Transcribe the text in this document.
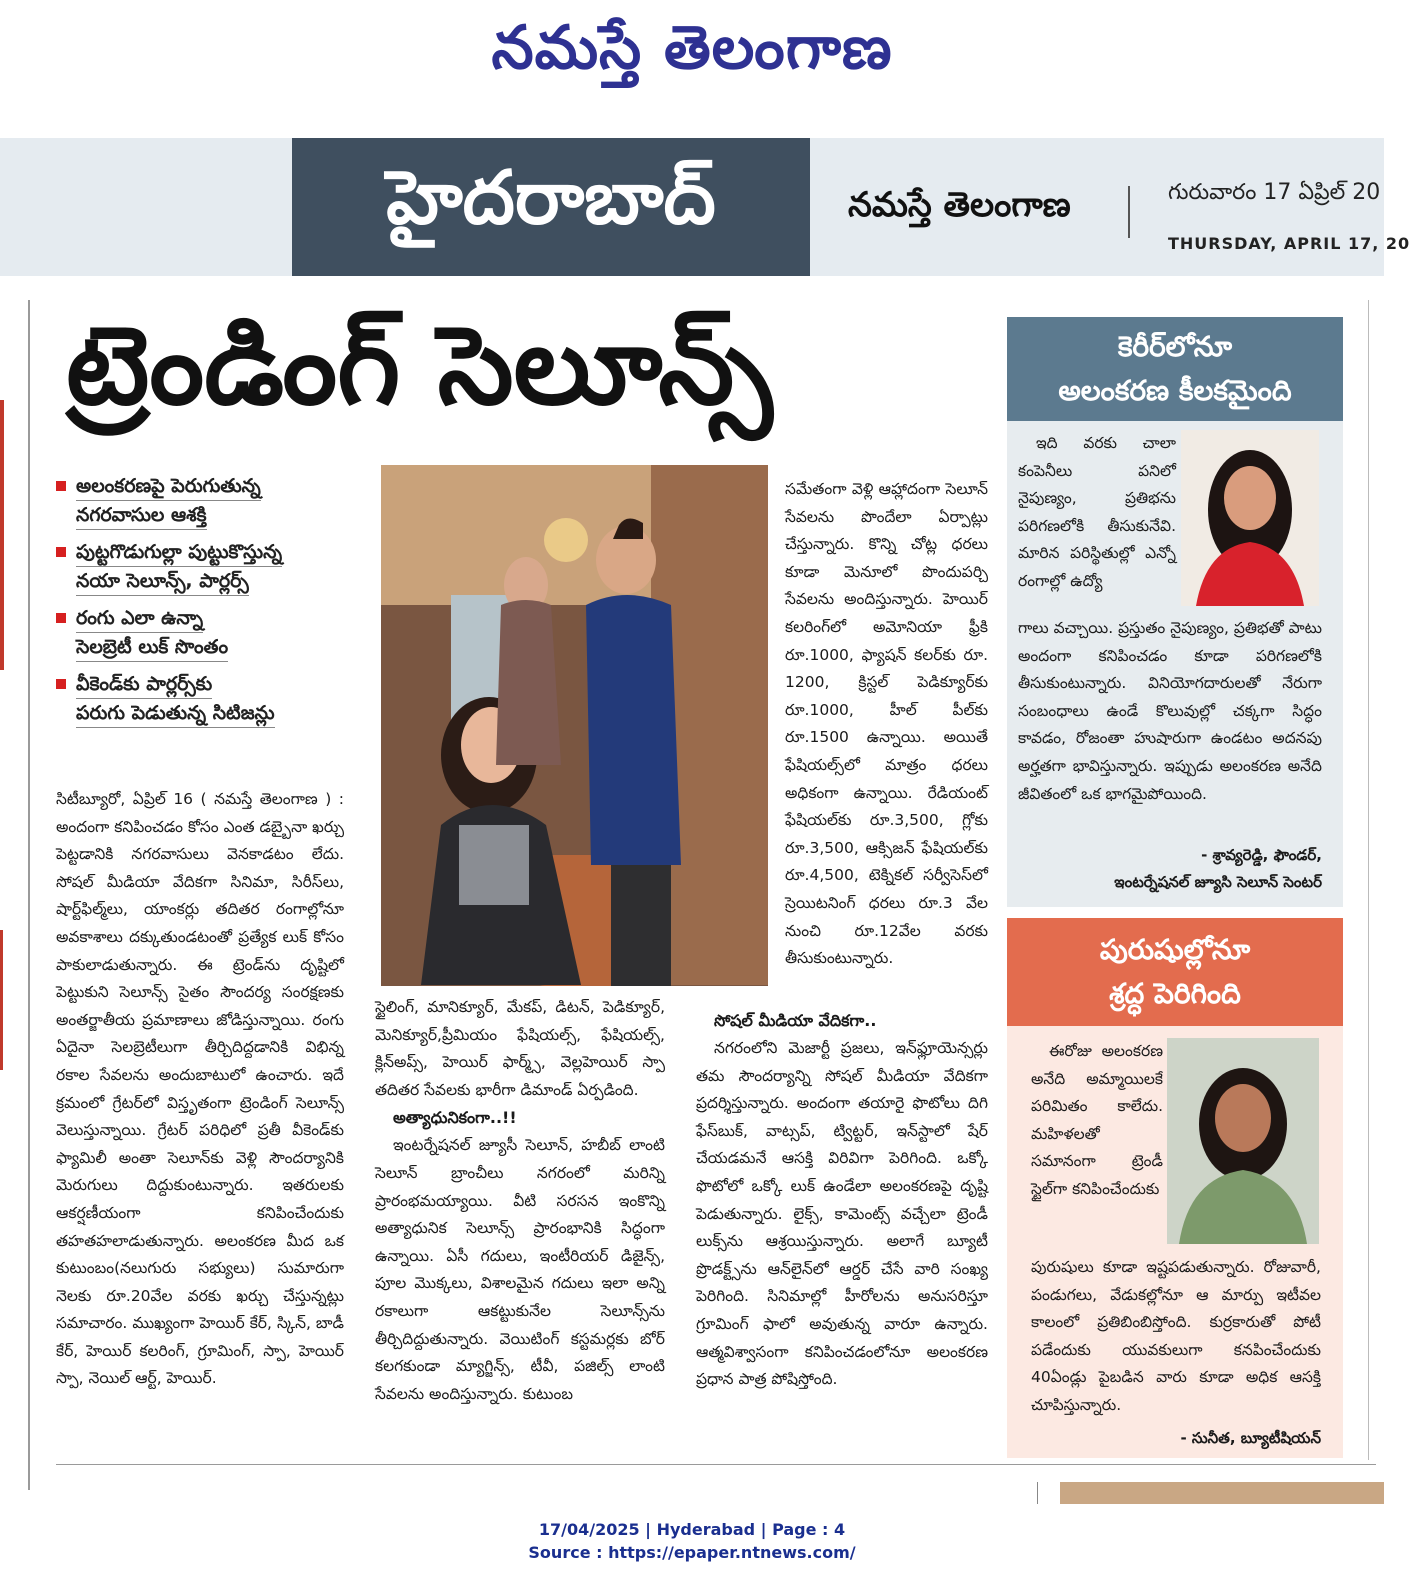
నమస్తే తెలంగాణ
హైదరాబాద్	నమస్తే తెలంగాణ	గురువారం 17 ఏప్రిల్ 20
THURSDAY, APRIL 17, 20
ట్రెండింగ్ సెలూన్స్
అలంకరణపై పెరుగుతున్న
నగరవాసుల ఆశక్తి
పుట్టగొడుగుల్లా పుట్టుకొస్తున్న
నయా సెలూన్స్, పార్లర్స్
రంగు ఎలా ఉన్నా
సెలబ్రెటీ లుక్ సొంతం
వీకెండ్‌కు పార్లర్స్‌కు
పరుగు పెడుతున్న సిటిజన్లు

సిటీబ్యూరో, ఏప్రిల్ 16 ( నమస్తే తెలంగాణ ) : అందంగా కనిపించడం కోసం ఎంత డబ్బైనా ఖర్చు పెట్టడానికి నగరవాసులు వెనకాడటం లేదు. సోషల్ మీడియా వేదికగా సినిమా, సిరీస్‌లు, షార్ట్‌ఫిల్మ్‌లు, యాంకర్లు తదితర రంగాల్లోనూ అవకాశాలు దక్కుతుండటంతో ప్రత్యేక లుక్ కోసం పాకులాడుతున్నారు. ఈ ట్రెండ్‌ను దృష్టిలో పెట్టుకుని సెలూన్స్ సైతం సౌందర్య సంరక్షణకు అంతర్జాతీయ ప్రమాణాలు జోడిస్తున్నాయి. రంగు ఏదైనా సెలబ్రెటీలుగా తీర్చిదిద్దడానికి విభిన్న రకాల సేవలను అందుబాటులో ఉంచారు. ఇదే క్రమంలో గ్రేటర్‌లో విస్తృతంగా ట్రెండింగ్ సెలూన్స్ వెలుస్తున్నాయి. గ్రేటర్ పరిధిలో ప్రతీ వీకెండ్‌కు ఫ్యామిలీ అంతా సెలూన్‌కు వెళ్లి సౌందర్యానికి మెరుగులు దిద్దుకుంటున్నారు. ఇతరులకు ఆకర్షణీయంగా కనిపించేందుకు తహతహలాడుతున్నారు. అలంకరణ మీద ఒక కుటుంబం(నలుగురు సభ్యులు) సుమారుగా నెలకు రూ.20వేల వరకు ఖర్చు చేస్తున్నట్లు సమాచారం. ముఖ్యంగా హెయిర్ కేర్, స్కిన్, బాడీ కేర్, హెయిర్ కలరింగ్, గ్రూమింగ్, స్పా, హెయిర్ స్పా, నెయిల్ ఆర్ట్, హెయిర్.

స్టైలింగ్, మానిక్యూర్, మేకప్, డిటన్, పెడిక్యూర్, మెనిక్యూర్,ప్రీమియం ఫేషియల్స్, ఫేషియల్స్, క్లిన్అప్స్, హెయిర్ ఫార్మ్స్, వెల్లహెయిర్ స్పా తదితర సేవలకు భారీగా డిమాండ్ ఏర్పడింది.

అత్యాధునికంగా..!!

ఇంటర్నేషనల్ జ్యూసీ సెలూన్, హబీబ్ లాంటి సెలూన్ బ్రాంచీలు నగరంలో మరిన్ని ప్రారంభమయ్యాయి. వీటి సరసన ఇంకొన్ని అత్యాధునిక సెలూన్స్ ప్రారంభానికి సిద్ధంగా ఉన్నాయి. ఏసీ గదులు, ఇంటీరియర్ డిజైన్స్, పూల మొక్కలు, విశాలమైన గదులు ఇలా అన్ని రకాలుగా ఆకట్టుకునేల సెలూన్స్‌ను తీర్చిదిద్దుతున్నారు. వెయిటింగ్ కస్టమర్లకు బోర్ కలగకుండా మ్యాగ్జిన్స్, టీవీ, పజిల్స్ లాంటి సేవలను అందిస్తున్నారు. కుటుంబ

సమేతంగా వెళ్లి ఆహ్లాదంగా సెలూన్ సేవలను పొందేలా ఏర్పాట్లు చేస్తున్నారు. కొన్ని చోట్ల ధరలు కూడా మెనూలో పొందుపర్చి సేవలను అందిస్తున్నారు. హెయిర్ కలరింగ్‌లో అమోనియా ఫ్రీకి రూ.1000, ఫ్యాషన్ కలర్‌కు రూ. 1200, క్రిస్టల్ పెడిక్యూర్‌కు రూ.1000, హీల్ పీల్‌కు రూ.1500 ఉన్నాయి. అయితే ఫేషియల్స్‌లో మాత్రం ధరలు అధికంగా ఉన్నాయి. రేడియంట్ ఫేషియల్‌కు రూ.3,500, గ్లోకు రూ.3,500, ఆక్సిజన్ ఫేషియల్‌కు రూ.4,500, టెక్నికల్ సర్వీసెస్‌లో స్రెయిటనింగ్ ధరలు రూ.3 వేల నుంచి రూ.12వేల వరకు తీసుకుంటున్నారు.

సోషల్ మీడియా వేదికగా..

నగరంలోని మెజార్టీ ప్రజలు, ఇన్‌ఫ్లూయెన్సర్లు తమ సౌందర్యాన్ని సోషల్ మీడియా వేదికగా ప్రదర్శిస్తున్నారు. అందంగా తయారై ఫొటోలు దిగి ఫేస్‌బుక్, వాట్సప్, ట్విట్టర్, ఇన్‌స్టాలో షేర్ చేయడమనే ఆసక్తి విరివిగా పెరిగింది. ఒక్కో ఫొటోలో ఒక్కో లుక్ ఉండేలా అలంకరణపై దృష్టి పెడుతున్నారు. లైక్స్, కామెంట్స్ వచ్చేలా ట్రెండీ లుక్స్‌ను ఆశ్రయిస్తున్నారు. అలాగే బ్యూటీ ప్రొడక్ట్స్‌ను ఆన్‌లైన్‌లో ఆర్డర్ చేసే వారి సంఖ్య పెరిగింది. సినిమాల్లో హీరోలను అనుసరిస్తూ గ్రూమింగ్ ఫాలో అవుతున్న వారూ ఉన్నారు. ఆత్మవిశ్వాసంగా కనిపించడంలోనూ అలంకరణ ప్రధాన పాత్ర పోషిస్తోంది.

కెరీర్‌లోనూ
అలంకరణ కీలకమైంది

ఇది వరకు చాలా కంపెనీలు పనిలో నైపుణ్యం, ప్రతిభను పరిగణలోకి తీసుకునేవి. మారిన పరిస్థితుల్లో ఎన్నో రంగాల్లో ఉద్యో

గాలు వచ్చాయి. ప్రస్తుతం నైపుణ్యం, ప్రతిభతో పాటు అందంగా కనిపించడం కూడా పరిగణలోకి తీసుకుంటున్నారు. వినియోగదారులతో నేరుగా సంబంధాలు ఉండే కొలువుల్లో చక్కగా సిద్ధం కావడం, రోజంతా హుషారుగా ఉండటం అదనపు అర్హతగా భావిస్తున్నారు. ఇప్పుడు అలంకరణ అనేది జీవితంలో ఒక భాగమైపోయింది.

- శ్రావ్యరెడ్డి, ఫౌండర్,
ఇంటర్నేషనల్ జ్యూసి సెలూన్ సెంటర్
పురుషుల్లోనూ
శ్రద్ధ పెరిగింది

ఈరోజు అలంకరణ అనేది అమ్మాయిలకే పరిమితం కాలేదు. మహిళలతో సమానంగా ట్రెండీ స్టైల్‌గా కనిపించేందుకు

పురుషులు కూడా ఇష్టపడుతున్నారు. రోజువారీ, పండుగలు, వేడుకల్లోనూ ఆ మార్పు ఇటీవల కాలంలో ప్రతిబింబిస్తోంది. కుర్రకారుతో పోటీ పడేందుకు యువకులుగా కనపించేందుకు 40ఏండ్లు పైబడిన వారు కూడా అధిక ఆసక్తి చూపిస్తున్నారు.

- సునీత, బ్యూటీషియన్
17/04/2025 | Hyderabad | Page : 4
Source : https://epaper.ntnews.com/
